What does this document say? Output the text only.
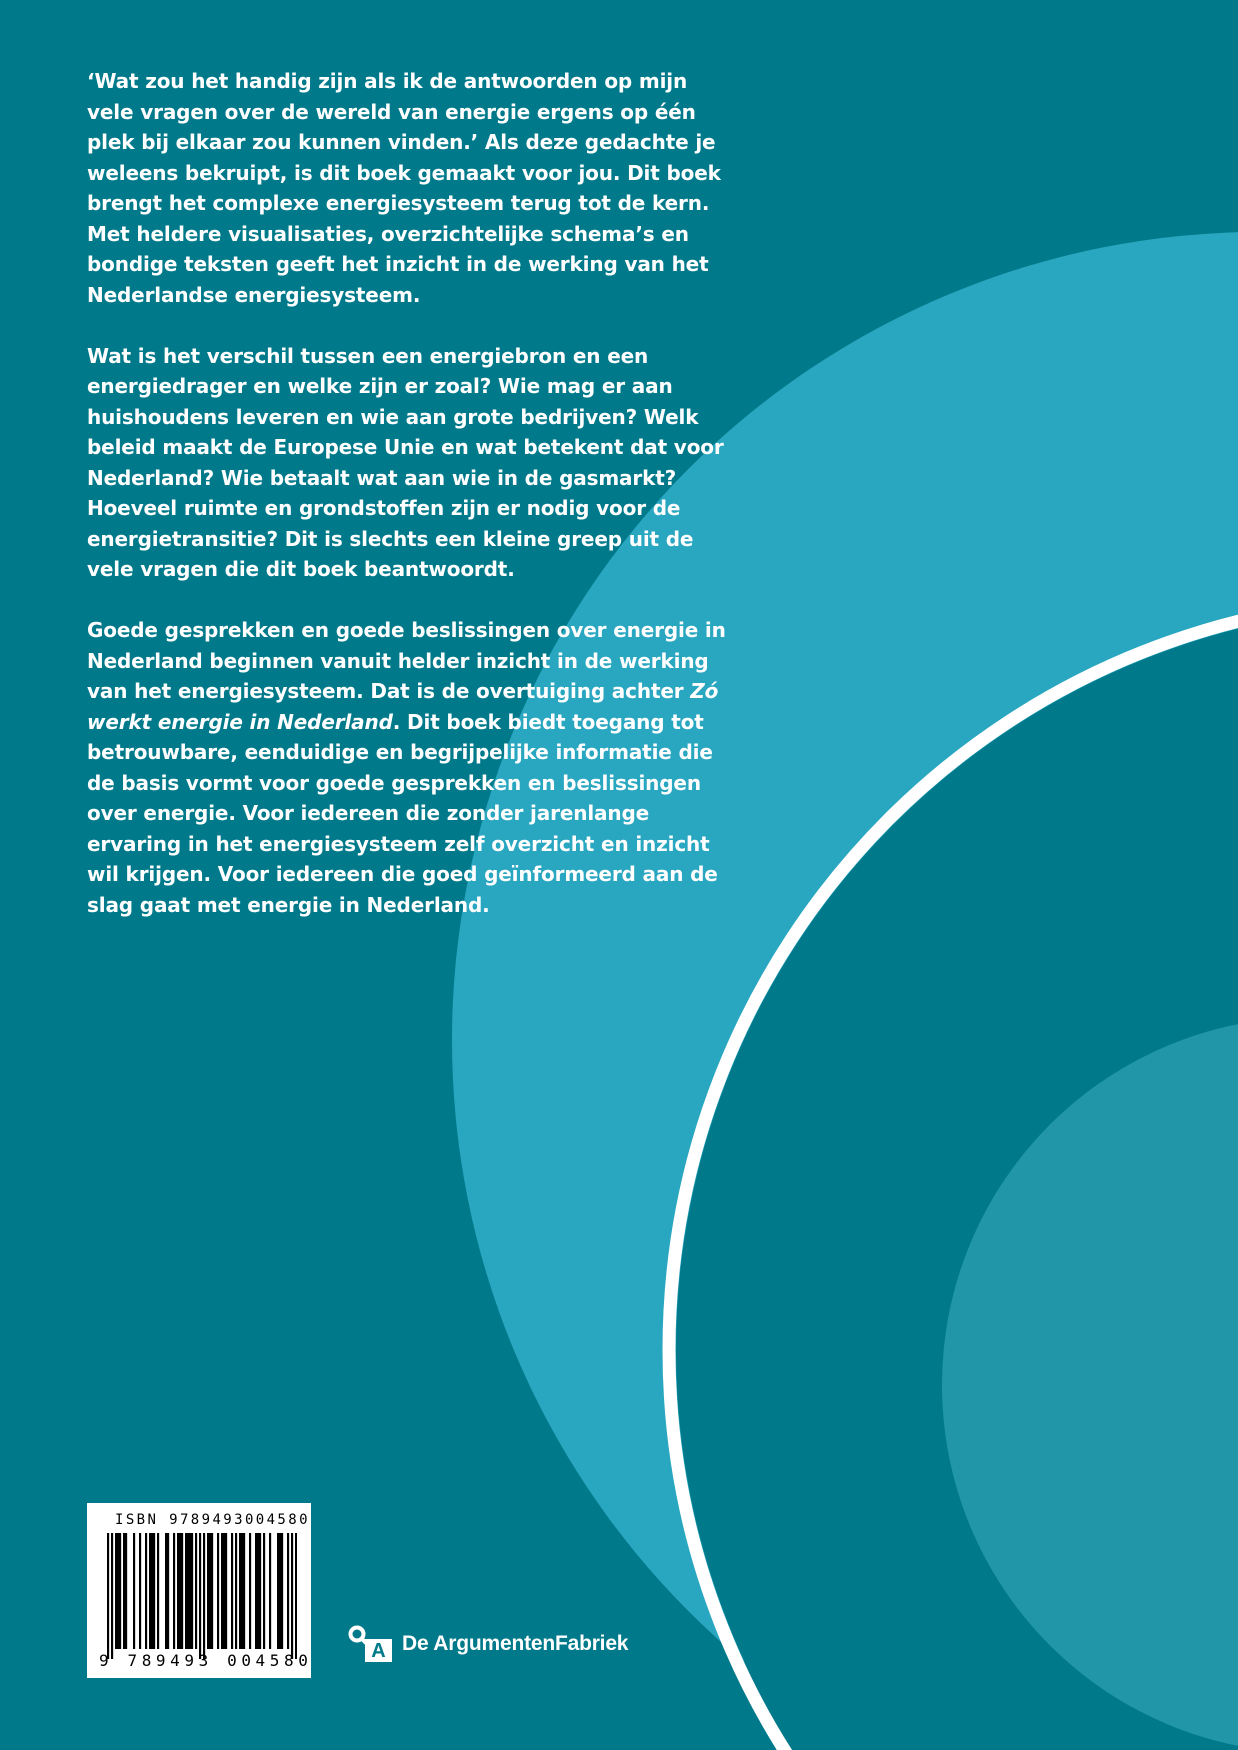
‘Wat zou het handig zijn als ik de antwoorden op mijn vele vragen over de wereld van energie ergens op één plek bij elkaar zou kunnen vinden.’ Als deze gedachte je weleens bekruipt, is dit boek gemaakt voor jou. Dit boek brengt het complexe energiesysteem terug tot de kern. Met heldere visualisaties, overzichtelijke schema’s en bondige teksten geeft het inzicht in de werking van het Nederlandse energiesysteem.

Wat is het verschil tussen een energiebron en een energiedrager en welke zijn er zoal? Wie mag er aan huishoudens leveren en wie aan grote bedrijven? Welk beleid maakt de Europese Unie en wat betekent dat voor Nederland? Wie betaalt wat aan wie in de gasmarkt? Hoeveel ruimte en grondstoffen zijn er nodig voor de energietransitie? Dit is slechts een kleine greep uit de vele vragen die dit boek beantwoordt.

Goede gesprekken en goede beslissingen over energie in Nederland beginnen vanuit helder inzicht in de werking van het energiesysteem. Dat is de overtuiging achter Zó werkt energie in Nederland. Dit boek biedt toegang tot betrouwbare, eenduidige en begrijpelijke informatie die de basis vormt voor goede gesprekken en beslissingen over energie. Voor iedereen die zonder jarenlange ervaring in het energiesysteem zelf overzicht en inzicht wil krijgen. Voor iedereen die goed geïnformeerd aan de slag gaat met energie in Nederland.

ISBN 9789493004580
9 789493 004580	A De ArgumentenFabriek
